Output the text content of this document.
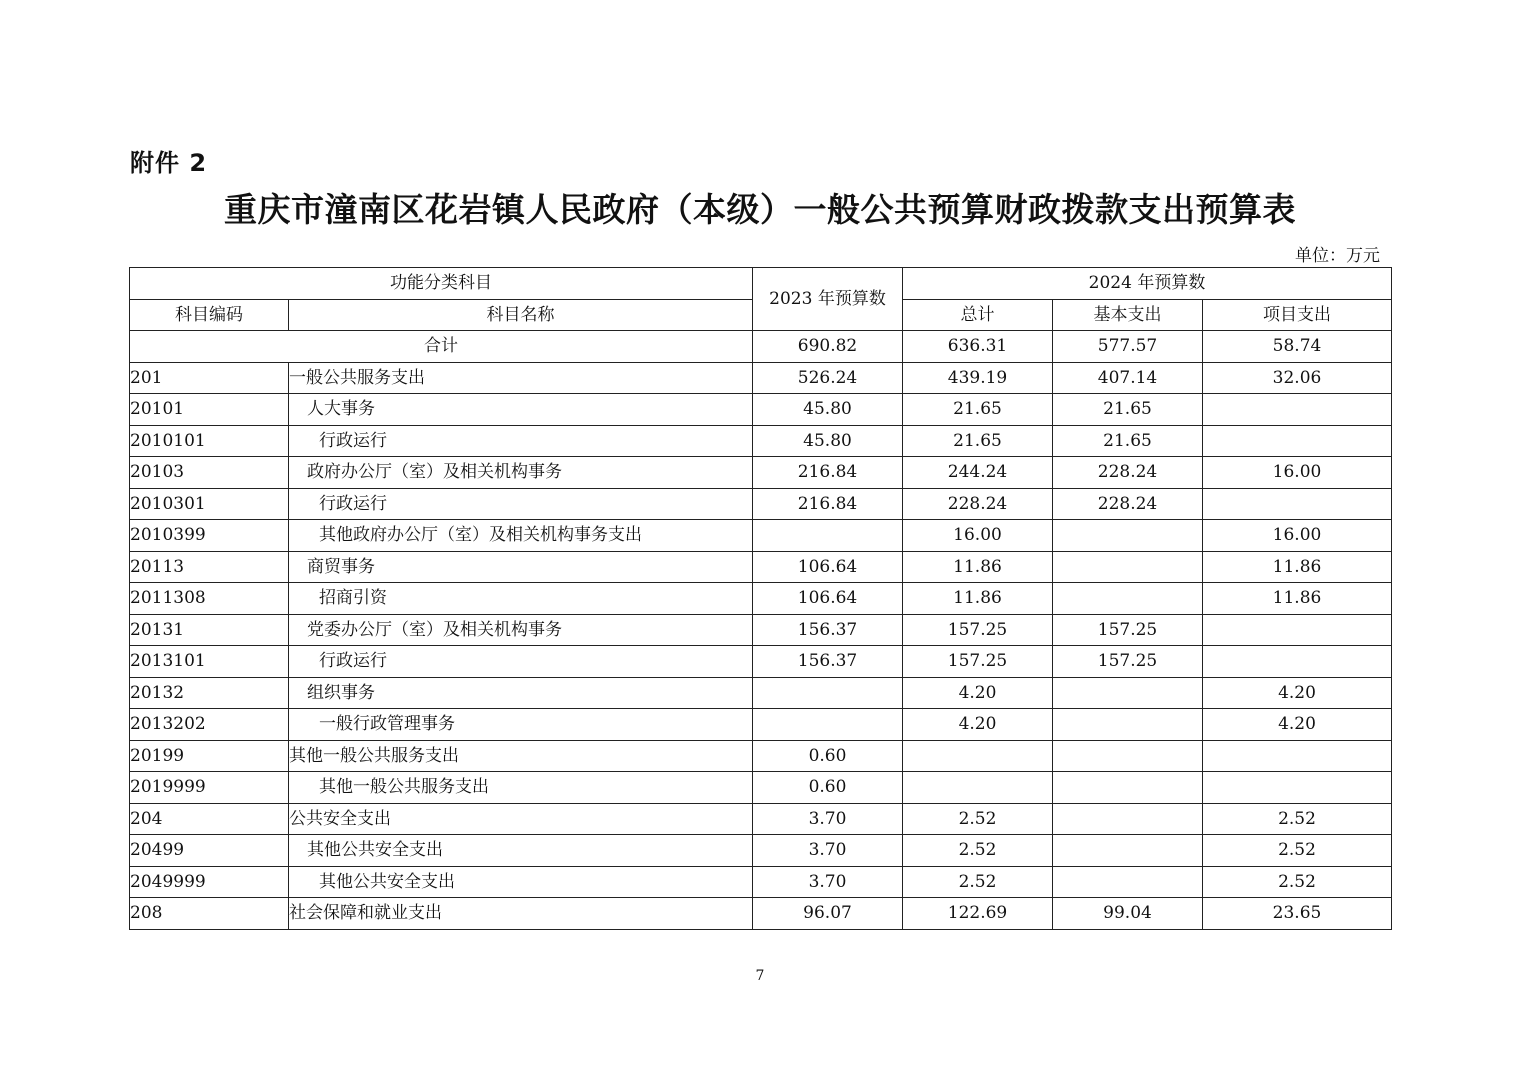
附件 2
重庆市潼南区花岩镇人民政府（本级）一般公共预算财政拨款支出预算表
单位：万元
功能分类科目		2023 年预算数	2024 年预算数		
科目编码	科目名称		总计	基本支出	项目支出
合计		690.82	636.31	577.57	58.74
201	一般公共服务支出	526.24	439.19	407.14	32.06
20101	人大事务	45.80	21.65	21.65	
2010101	行政运行	45.80	21.65	21.65	
20103	政府办公厅（室）及相关机构事务	216.84	244.24	228.24	16.00
2010301	行政运行	216.84	228.24	228.24	
2010399	其他政府办公厅（室）及相关机构事务支出		16.00		16.00
20113	商贸事务	106.64	11.86		11.86
2011308	招商引资	106.64	11.86		11.86
20131	党委办公厅（室）及相关机构事务	156.37	157.25	157.25	
2013101	行政运行	156.37	157.25	157.25	
20132	组织事务		4.20		4.20
2013202	一般行政管理事务		4.20		4.20
20199	其他一般公共服务支出	0.60			
2019999	其他一般公共服务支出	0.60			
204	公共安全支出	3.70	2.52		2.52
20499	其他公共安全支出	3.70	2.52		2.52
2049999	其他公共安全支出	3.70	2.52		2.52
208	社会保障和就业支出	96.07	122.69	99.04	23.65
7
